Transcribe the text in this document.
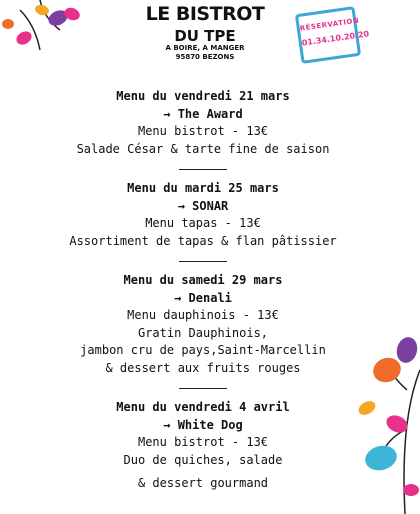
LE BISTROT
DU TPE
A BOIRE, A MANGER
95870 BEZONS
RÉSERVATION
01.34.10.20.20
Menu du vendredi 21 mars
→ The Award
Menu bistrot - 13€
Salade César & tarte fine de saison
Menu du mardi 25 mars
→ SONAR
Menu tapas - 13€
Assortiment de tapas & flan pâtissier
Menu du samedi 29 mars
→ Denali
Menu dauphinois - 13€
Gratin Dauphinois,
jambon cru de pays,Saint-Marcellin
& dessert aux fruits rouges
Menu du vendredi 4 avril
→ White Dog
Menu bistrot - 13€
Duo de quiches, salade
& dessert gourmand
